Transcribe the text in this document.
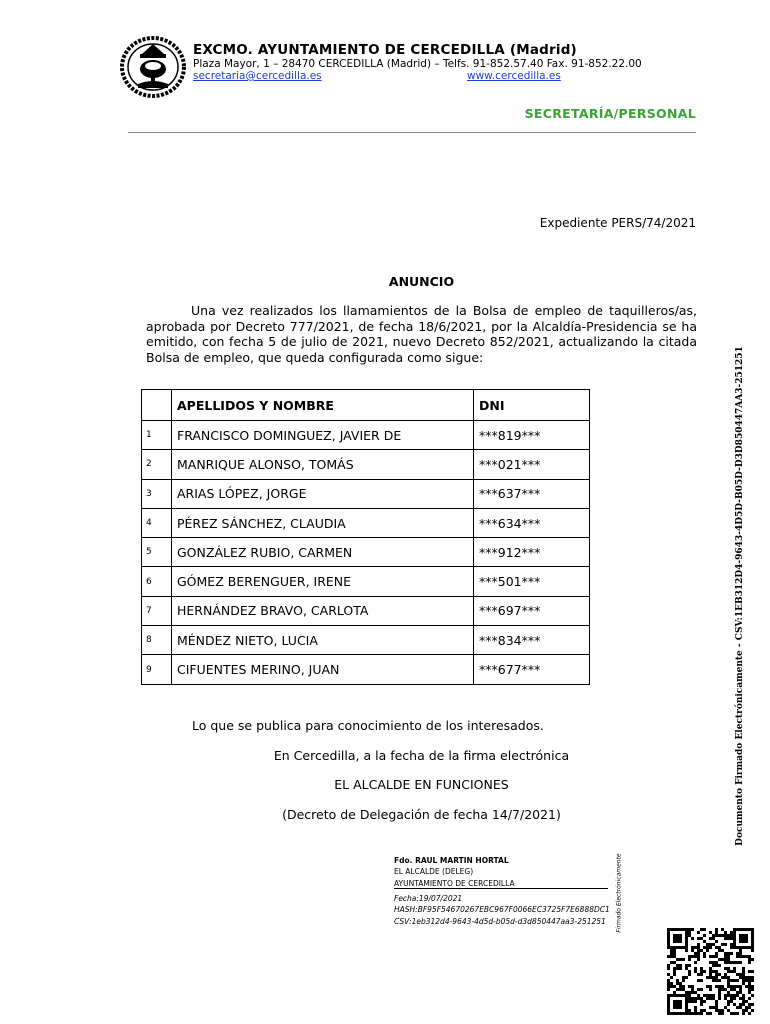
EXCMO. AYUNTAMIENTO DE CERCEDILLA (Madrid)
Plaza Mayor, 1 – 28470 CERCEDILLA (Madrid) – Telfs. 91-852.57.40 Fax. 91-852.22.00
secretaria@cercedilla.es	www.cercedilla.es
SECRETARÍA/PERSONAL
Expediente PERS/74/2021
ANUNCIO
Una vez realizados los llamamientos de la Bolsa de empleo de taquilleros/as, aprobada por Decreto 777/2021, de fecha 18/6/2021, por la Alcaldía-Presidencia se ha emitido, con fecha 5 de julio de 2021, nuevo Decreto 852/2021, actualizando la citada Bolsa de empleo, que queda configurada como sigue:
	APELLIDOS Y NOMBRE	DNI
1	FRANCISCO DOMINGUEZ, JAVIER DE	***819***
2	MANRIQUE ALONSO, TOMÁS	***021***
3	ARIAS LÓPEZ, JORGE	***637***
4	PÉREZ SÁNCHEZ, CLAUDIA	***634***
5	GONZÁLEZ RUBIO, CARMEN	***912***
6	GÓMEZ BERENGUER, IRENE	***501***
7	HERNÁNDEZ BRAVO, CARLOTA	***697***
8	MÉNDEZ NIETO, LUCIA	***834***
9	CIFUENTES MERINO, JUAN	***677***
Lo que se publica para conocimiento de los interesados.
En Cercedilla, a la fecha de la firma electrónica
EL ALCALDE EN FUNCIONES
(Decreto de Delegación de fecha 14/7/2021)	Documento Firmado Electrónicamente - CSV:1EB312D4-9643-4D5D-B05D-D3D850447AA3-251251
Fdo. RAUL MARTIN HORTAL
EL ALCALDE (DELEG)
AYUNTAMIENTO DE CERCEDILLA
Fecha:19/07/2021
HASH:BF95F54670267EBC967F0066EC3725F7E6888DC1
CSV:1eb312d4-9643-4d5d-b05d-d3d850447aa3-251251 Firmado Electrónicamente
